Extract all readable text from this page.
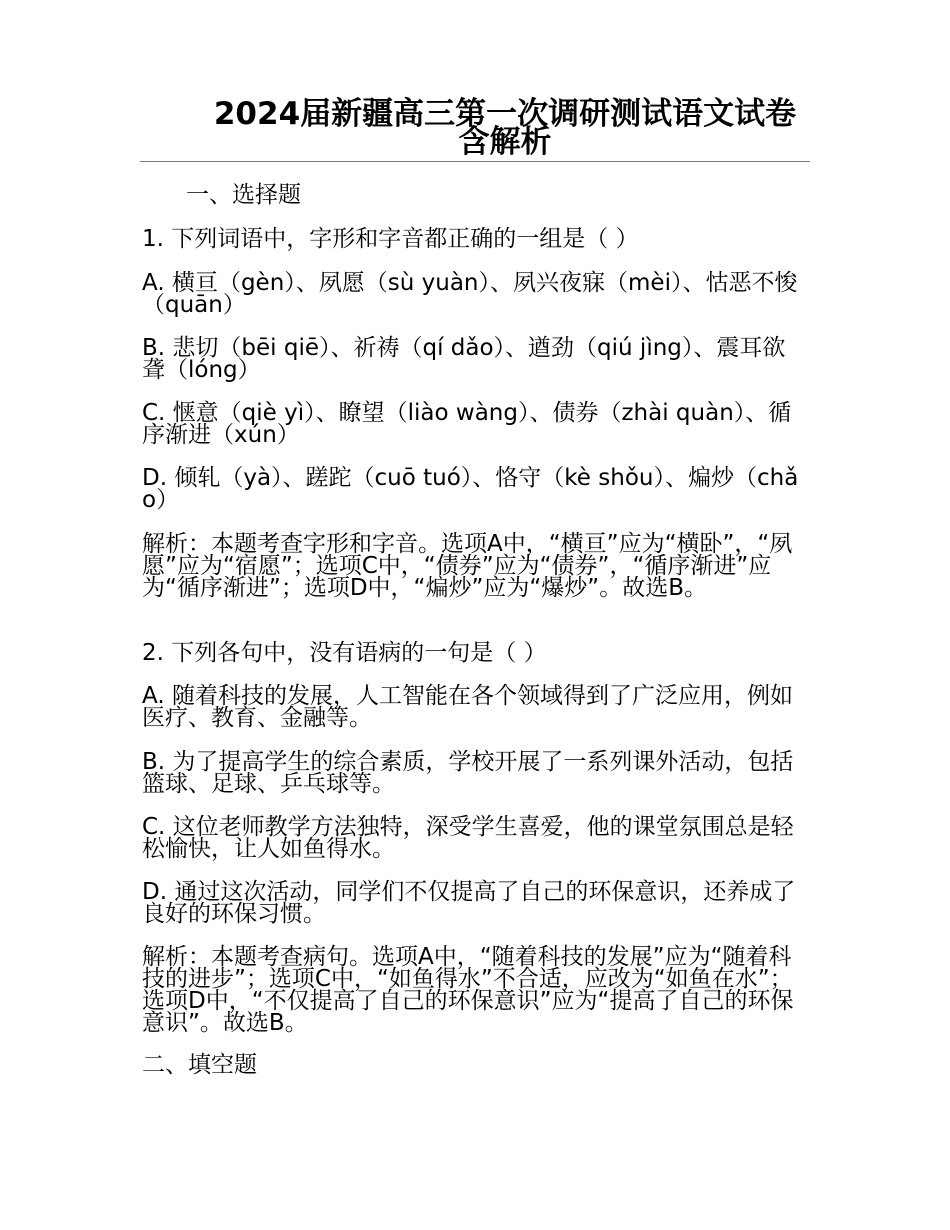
2024届新疆高三第一次调研测试语文试卷含解析

一、选择题

1. 下列词语中，字形和字音都正确的一组是（ ）

A. 横亘（gèn）、夙愿（sù yuàn）、夙兴夜寐（mèi）、怙恶不悛（quān）

B. 悲切（bēi qiē）、祈祷（qí dǎo）、遒劲（qiú jìng）、震耳欲聋（lóng）

C. 惬意（qiè yì）、瞭望（liào wàng）、债券（zhài quàn）、循序渐进（xún）

D. 倾轧（yà）、蹉跎（cuō tuó）、恪守（kè shǒu）、煸炒（chǎo）

解析：本题考查字形和字音。选项A中，“横亘”应为“横卧”，“夙愿”应为“宿愿”；选项C中，“债券”应为“债券”，“循序渐进”应为“循序渐进”；选项D中，“煸炒”应为“爆炒”。故选B。

2. 下列各句中，没有语病的一句是（ ）

A. 随着科技的发展，人工智能在各个领域得到了广泛应用，例如医疗、教育、金融等。

B. 为了提高学生的综合素质，学校开展了一系列课外活动，包括篮球、足球、乒乓球等。

C. 这位老师教学方法独特，深受学生喜爱，他的课堂氛围总是轻松愉快，让人如鱼得水。

D. 通过这次活动，同学们不仅提高了自己的环保意识，还养成了良好的环保习惯。

解析：本题考查病句。选项A中，“随着科技的发展”应为“随着科技的进步”；选项C中，“如鱼得水”不合适，应改为“如鱼在水”；选项D中，“不仅提高了自己的环保意识”应为“提高了自己的环保意识”。故选B。

二、填空题
